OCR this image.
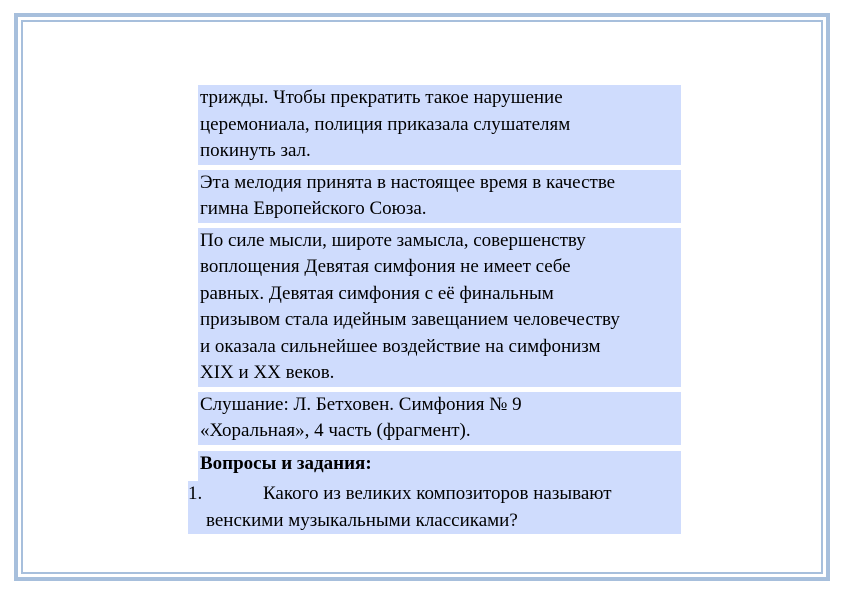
трижды. Чтобы прекратить такое нарушение
церемониала, полиция приказала слушателям
покинуть зал.
Эта мелодия принята в настоящее время в качестве
гимна Европейского Союза.
По силе мысли, широте замысла, совершенству
воплощения Девятая симфония не имеет себе
равных. Девятая симфония с её финальным
призывом стала идейным завещанием человечеству
и оказала сильнейшее воздействие на симфонизм
XIX и XX веков.
Слушание: Л. Бетховен. Симфония № 9
«Хоральная», 4 часть (фрагмент).
Вопросы и задания:
1.	Какого из великих композиторов называют
венскими музыкальными классиками?
